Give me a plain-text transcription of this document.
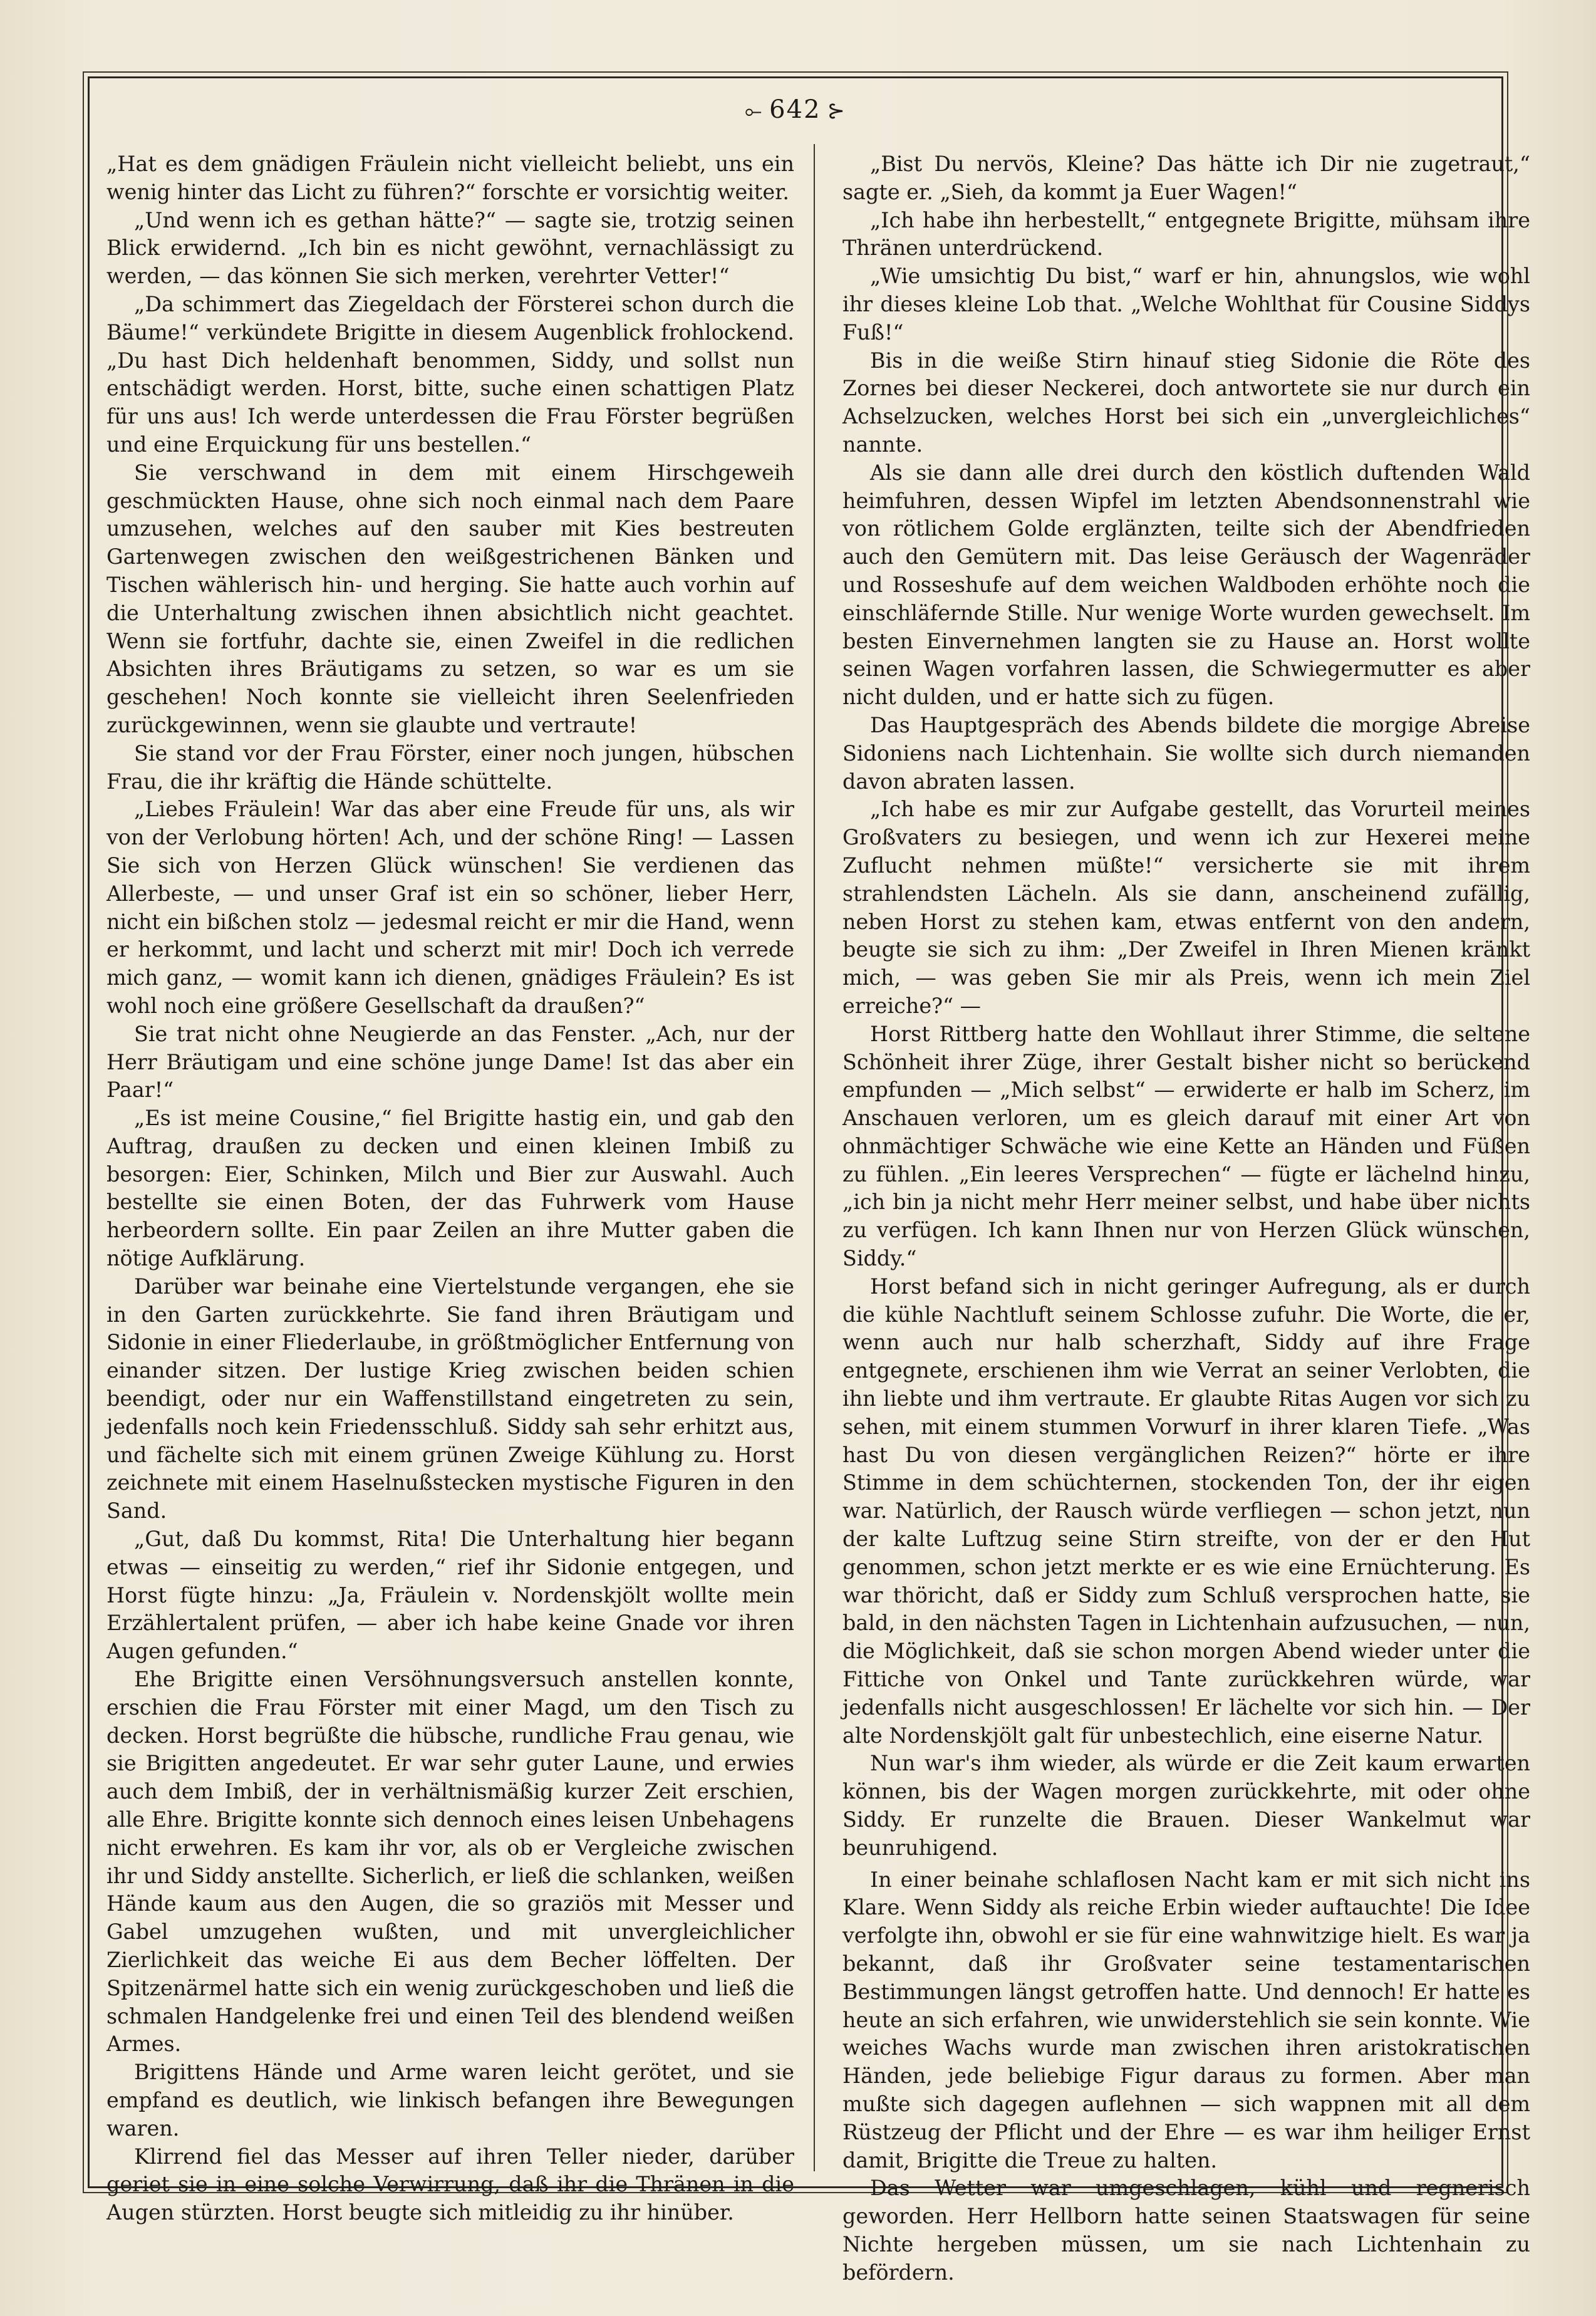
⟜ 642 ⊱

„Hat es dem gnädigen Fräulein nicht vielleicht beliebt, uns ein wenig hinter das Licht zu führen?“ forschte er vorsichtig weiter.

„Und wenn ich es gethan hätte?“ — sagte sie, trotzig seinen Blick erwidernd. „Ich bin es nicht gewöhnt, vernachlässigt zu werden, — das können Sie sich merken, verehrter Vetter!“

„Da schimmert das Ziegeldach der Försterei schon durch die Bäume!“ verkündete Brigitte in diesem Augenblick frohlockend. „Du hast Dich heldenhaft benommen, Siddy, und sollst nun entschädigt werden. Horst, bitte, suche einen schattigen Platz für uns aus! Ich werde unterdessen die Frau Förster begrüßen und eine Erquickung für uns bestellen.“

Sie verschwand in dem mit einem Hirschgeweih geschmückten Hause, ohne sich noch einmal nach dem Paare umzusehen, welches auf den sauber mit Kies bestreuten Gartenwegen zwischen den weißgestrichenen Bänken und Tischen wählerisch hin- und herging. Sie hatte auch vorhin auf die Unterhaltung zwischen ihnen absichtlich nicht geachtet. Wenn sie fortfuhr, dachte sie, einen Zweifel in die redlichen Absichten ihres Bräutigams zu setzen, so war es um sie geschehen! Noch konnte sie vielleicht ihren Seelenfrieden zurückgewinnen, wenn sie glaubte und vertraute!

Sie stand vor der Frau Förster, einer noch jungen, hübschen Frau, die ihr kräftig die Hände schüttelte.

„Liebes Fräulein! War das aber eine Freude für uns, als wir von der Verlobung hörten! Ach, und der schöne Ring! — Lassen Sie sich von Herzen Glück wünschen! Sie verdienen das Allerbeste, — und unser Graf ist ein so schöner, lieber Herr, nicht ein bißchen stolz — jedesmal reicht er mir die Hand, wenn er herkommt, und lacht und scherzt mit mir! Doch ich verrede mich ganz, — womit kann ich dienen, gnädiges Fräulein? Es ist wohl noch eine größere Gesellschaft da draußen?“

Sie trat nicht ohne Neugierde an das Fenster. „Ach, nur der Herr Bräutigam und eine schöne junge Dame! Ist das aber ein Paar!“

„Es ist meine Cousine,“ fiel Brigitte hastig ein, und gab den Auftrag, draußen zu decken und einen kleinen Imbiß zu besorgen: Eier, Schinken, Milch und Bier zur Auswahl. Auch bestellte sie einen Boten, der das Fuhrwerk vom Hause herbeordern sollte. Ein paar Zeilen an ihre Mutter gaben die nötige Aufklärung.

Darüber war beinahe eine Viertelstunde vergangen, ehe sie in den Garten zurückkehrte. Sie fand ihren Bräutigam und Sidonie in einer Fliederlaube, in größtmöglicher Entfernung von einander sitzen. Der lustige Krieg zwischen beiden schien beendigt, oder nur ein Waffenstillstand eingetreten zu sein, jedenfalls noch kein Friedensschluß. Siddy sah sehr erhitzt aus, und fächelte sich mit einem grünen Zweige Kühlung zu. Horst zeichnete mit einem Haselnußstecken mystische Figuren in den Sand.

„Gut, daß Du kommst, Rita! Die Unterhaltung hier begann etwas — einseitig zu werden,“ rief ihr Sidonie entgegen, und Horst fügte hinzu: „Ja, Fräulein v. Nordenskjölt wollte mein Erzählertalent prüfen, — aber ich habe keine Gnade vor ihren Augen gefunden.“

Ehe Brigitte einen Versöhnungsversuch anstellen konnte, erschien die Frau Förster mit einer Magd, um den Tisch zu decken. Horst begrüßte die hübsche, rundliche Frau genau, wie sie Brigitten angedeutet. Er war sehr guter Laune, und erwies auch dem Imbiß, der in verhältnismäßig kurzer Zeit erschien, alle Ehre. Brigitte konnte sich dennoch eines leisen Unbehagens nicht erwehren. Es kam ihr vor, als ob er Vergleiche zwischen ihr und Siddy anstellte. Sicherlich, er ließ die schlanken, weißen Hände kaum aus den Augen, die so graziös mit Messer und Gabel umzugehen wußten, und mit unvergleichlicher Zierlichkeit das weiche Ei aus dem Becher löffelten. Der Spitzenärmel hatte sich ein wenig zurückgeschoben und ließ die schmalen Handgelenke frei und einen Teil des blendend weißen Armes.

Brigittens Hände und Arme waren leicht gerötet, und sie empfand es deutlich, wie linkisch befangen ihre Bewegungen waren.

Klirrend fiel das Messer auf ihren Teller nieder, darüber geriet sie in eine solche Verwirrung, daß ihr die Thränen in die Augen stürzten. Horst beugte sich mitleidig zu ihr hinüber.

„Bist Du nervös, Kleine? Das hätte ich Dir nie zugetraut,“ sagte er. „Sieh, da kommt ja Euer Wagen!“

„Ich habe ihn herbestellt,“ entgegnete Brigitte, mühsam ihre Thränen unterdrückend.

„Wie umsichtig Du bist,“ warf er hin, ahnungslos, wie wohl ihr dieses kleine Lob that. „Welche Wohlthat für Cousine Siddys Fuß!“

Bis in die weiße Stirn hinauf stieg Sidonie die Röte des Zornes bei dieser Neckerei, doch antwortete sie nur durch ein Achselzucken, welches Horst bei sich ein „unvergleichliches“ nannte.

Als sie dann alle drei durch den köstlich duftenden Wald heimfuhren, dessen Wipfel im letzten Abendsonnenstrahl wie von rötlichem Golde erglänzten, teilte sich der Abendfrieden auch den Gemütern mit. Das leise Geräusch der Wagenräder und Rosseshufe auf dem weichen Waldboden erhöhte noch die einschläfernde Stille. Nur wenige Worte wurden gewechselt. Im besten Einvernehmen langten sie zu Hause an. Horst wollte seinen Wagen vorfahren lassen, die Schwiegermutter es aber nicht dulden, und er hatte sich zu fügen.

Das Hauptgespräch des Abends bildete die morgige Abreise Sidoniens nach Lichtenhain. Sie wollte sich durch niemanden davon abraten lassen.

„Ich habe es mir zur Aufgabe gestellt, das Vorurteil meines Großvaters zu besiegen, und wenn ich zur Hexerei meine Zuflucht nehmen müßte!“ versicherte sie mit ihrem strahlendsten Lächeln. Als sie dann, anscheinend zufällig, neben Horst zu stehen kam, etwas entfernt von den andern, beugte sie sich zu ihm: „Der Zweifel in Ihren Mienen kränkt mich, — was geben Sie mir als Preis, wenn ich mein Ziel erreiche?“ —

Horst Rittberg hatte den Wohllaut ihrer Stimme, die seltene Schönheit ihrer Züge, ihrer Gestalt bisher nicht so berückend empfunden — „Mich selbst“ — erwiderte er halb im Scherz, im Anschauen verloren, um es gleich darauf mit einer Art von ohnmächtiger Schwäche wie eine Kette an Händen und Füßen zu fühlen. „Ein leeres Versprechen“ — fügte er lächelnd hinzu, „ich bin ja nicht mehr Herr meiner selbst, und habe über nichts zu verfügen. Ich kann Ihnen nur von Herzen Glück wünschen, Siddy.“

Horst befand sich in nicht geringer Aufregung, als er durch die kühle Nachtluft seinem Schlosse zufuhr. Die Worte, die er, wenn auch nur halb scherzhaft, Siddy auf ihre Frage entgegnete, erschienen ihm wie Verrat an seiner Verlobten, die ihn liebte und ihm vertraute. Er glaubte Ritas Augen vor sich zu sehen, mit einem stummen Vorwurf in ihrer klaren Tiefe. „Was hast Du von diesen vergänglichen Reizen?“ hörte er ihre Stimme in dem schüchternen, stockenden Ton, der ihr eigen war. Natürlich, der Rausch würde verfliegen — schon jetzt, nun der kalte Luftzug seine Stirn streifte, von der er den Hut genommen, schon jetzt merkte er es wie eine Ernüchterung. Es war thöricht, daß er Siddy zum Schluß versprochen hatte, sie bald, in den nächsten Tagen in Lichtenhain aufzusuchen, — nun, die Möglichkeit, daß sie schon morgen Abend wieder unter die Fittiche von Onkel und Tante zurückkehren würde, war jedenfalls nicht ausgeschlossen! Er lächelte vor sich hin. — Der alte Nordenskjölt galt für unbestechlich, eine eiserne Natur.

Nun war's ihm wieder, als würde er die Zeit kaum erwarten können, bis der Wagen morgen zurückkehrte, mit oder ohne Siddy. Er runzelte die Brauen. Dieser Wankelmut war beunruhigend.

In einer beinahe schlaflosen Nacht kam er mit sich nicht ins Klare. Wenn Siddy als reiche Erbin wieder auftauchte! Die Idee verfolgte ihn, obwohl er sie für eine wahnwitzige hielt. Es war ja bekannt, daß ihr Großvater seine testamentarischen Bestimmungen längst getroffen hatte. Und dennoch! Er hatte es heute an sich erfahren, wie unwiderstehlich sie sein konnte. Wie weiches Wachs wurde man zwischen ihren aristokratischen Händen, jede beliebige Figur daraus zu formen. Aber man mußte sich dagegen auflehnen — sich wappnen mit all dem Rüstzeug der Pflicht und der Ehre — es war ihm heiliger Ernst damit, Brigitte die Treue zu halten.

Das Wetter war umgeschlagen, kühl und regnerisch geworden. Herr Hellborn hatte seinen Staatswagen für seine Nichte hergeben müssen, um sie nach Lichtenhain zu befördern.
